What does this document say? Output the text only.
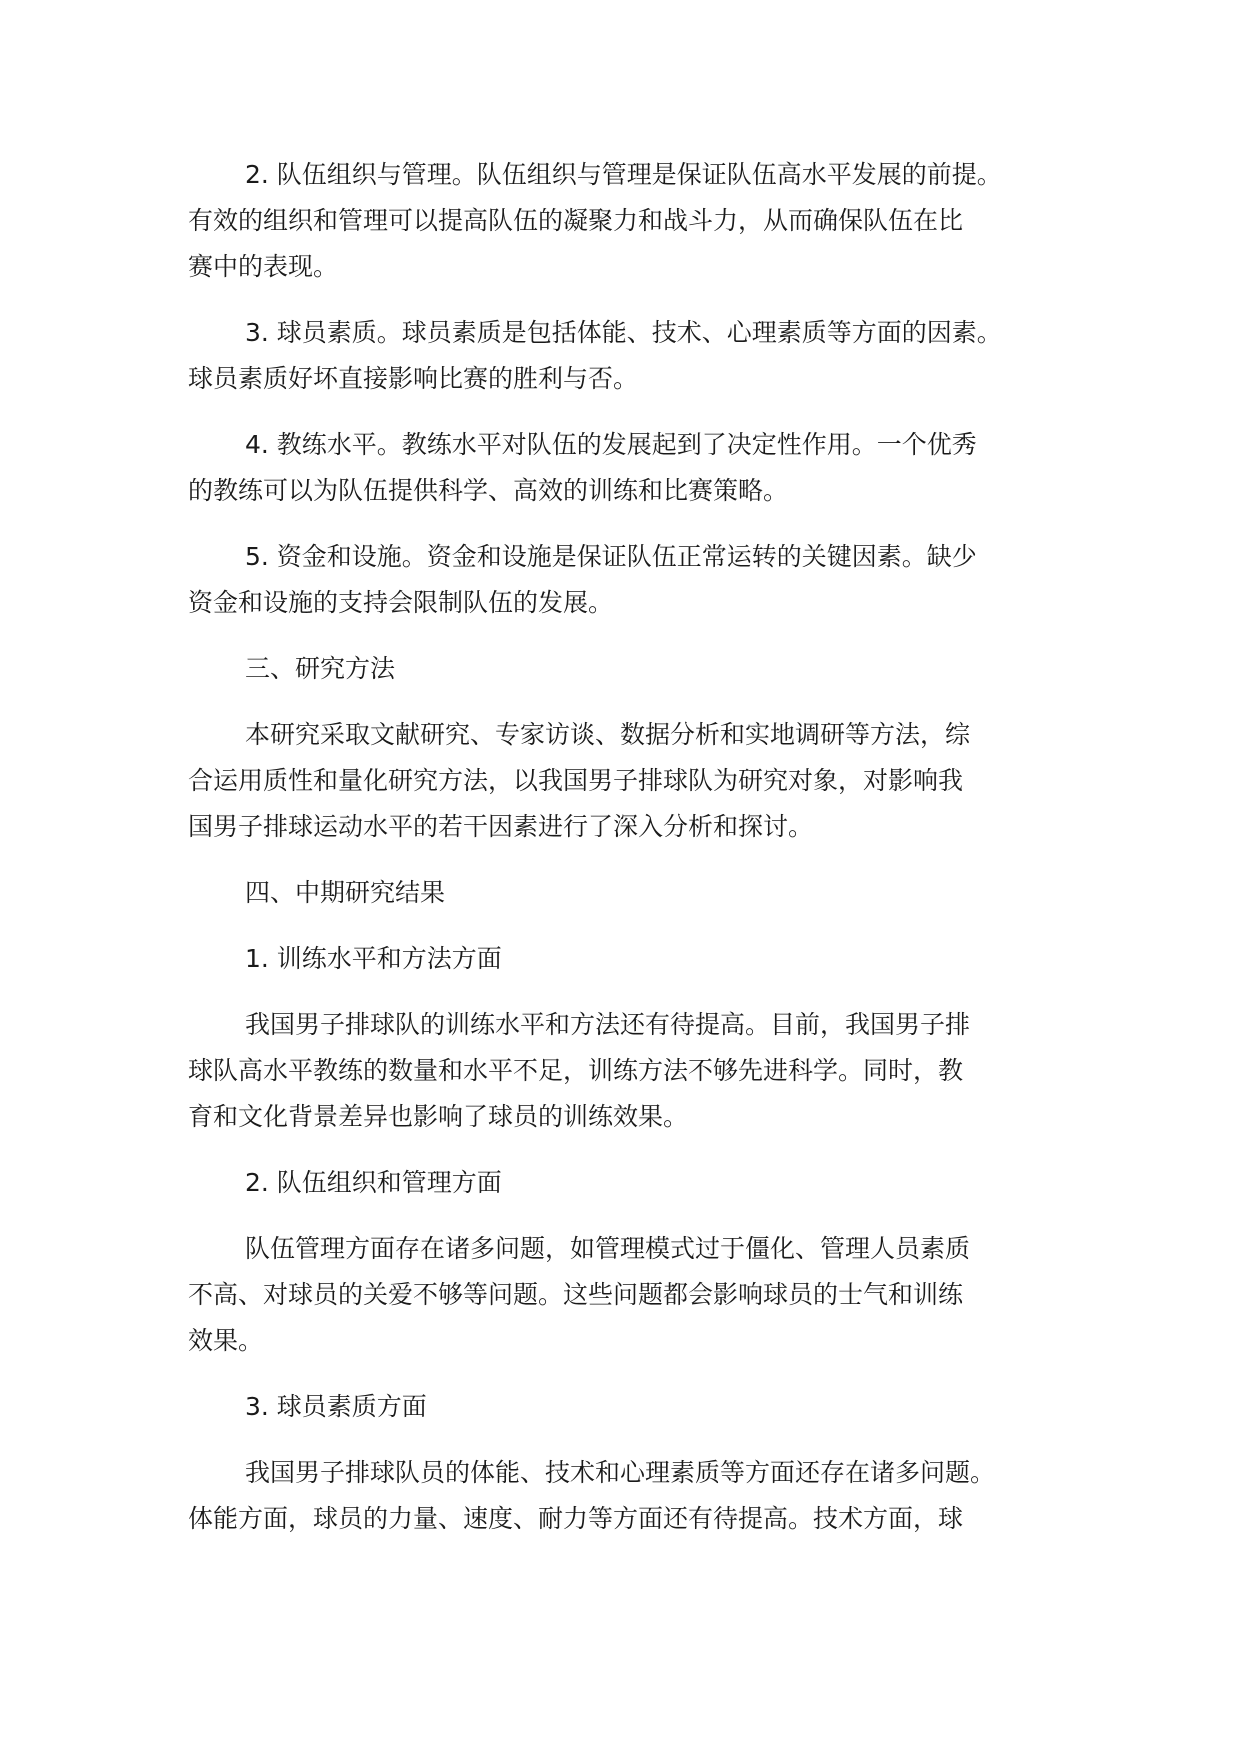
2. 队伍组织与管理。队伍组织与管理是保证队伍高水平发展的前提。
有效的组织和管理可以提高队伍的凝聚力和战斗力，从而确保队伍在比
赛中的表现。

3. 球员素质。球员素质是包括体能、技术、心理素质等方面的因素。
球员素质好坏直接影响比赛的胜利与否。

4. 教练水平。教练水平对队伍的发展起到了决定性作用。一个优秀
的教练可以为队伍提供科学、高效的训练和比赛策略。

5. 资金和设施。资金和设施是保证队伍正常运转的关键因素。缺少
资金和设施的支持会限制队伍的发展。

三、研究方法

本研究采取文献研究、专家访谈、数据分析和实地调研等方法，综
合运用质性和量化研究方法，以我国男子排球队为研究对象，对影响我
国男子排球运动水平的若干因素进行了深入分析和探讨。

四、中期研究结果

1. 训练水平和方法方面

我国男子排球队的训练水平和方法还有待提高。目前，我国男子排
球队高水平教练的数量和水平不足，训练方法不够先进科学。同时，教
育和文化背景差异也影响了球员的训练效果。

2. 队伍组织和管理方面

队伍管理方面存在诸多问题，如管理模式过于僵化、管理人员素质
不高、对球员的关爱不够等问题。这些问题都会影响球员的士气和训练
效果。

3. 球员素质方面

我国男子排球队员的体能、技术和心理素质等方面还存在诸多问题。
体能方面，球员的力量、速度、耐力等方面还有待提高。技术方面，球
